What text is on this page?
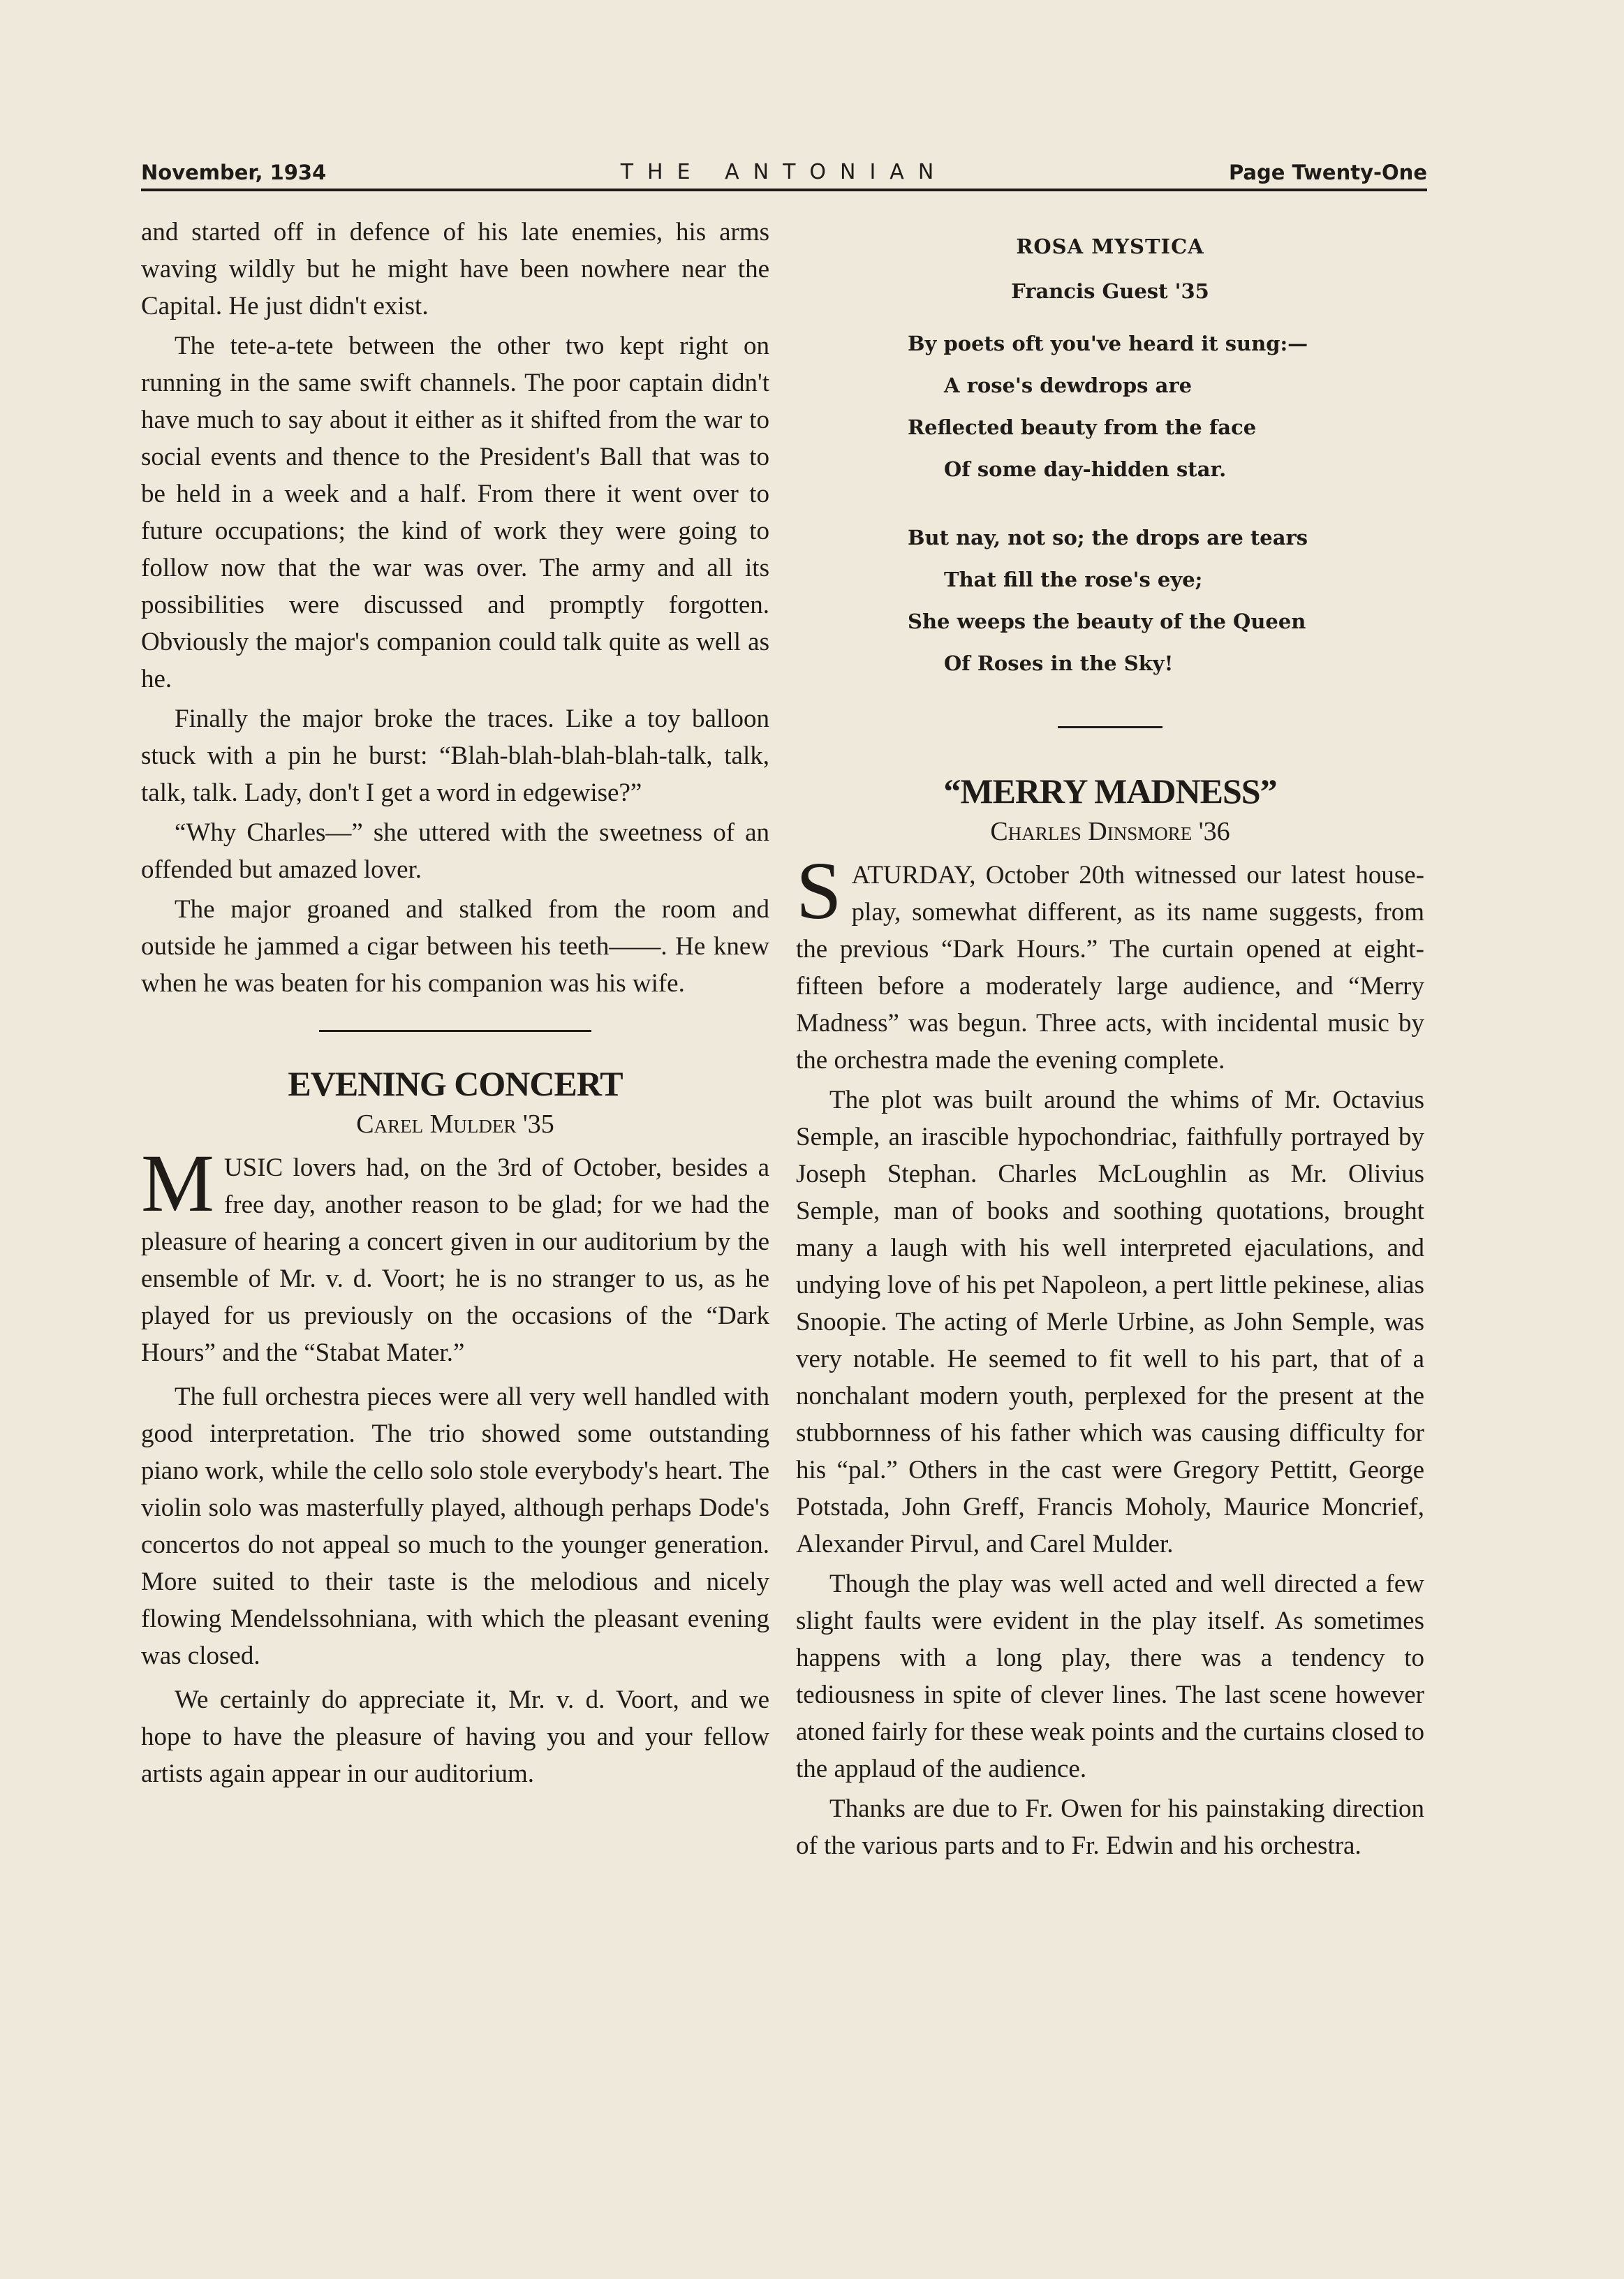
November, 1934	THE ANTONIAN	Page Twenty-One

and started off in defence of his late enemies, his arms waving wildly but he might have been nowhere near the Capital. He just didn't exist.

The tete-a-tete between the other two kept right on running in the same swift channels. The poor captain didn't have much to say about it either as it shifted from the war to social events and thence to the President's Ball that was to be held in a week and a half. From there it went over to future occupations; the kind of work they were going to follow now that the war was over. The army and all its possibilities were discussed and promptly forgotten. Obviously the major's companion could talk quite as well as he.

Finally the major broke the traces. Like a toy balloon stuck with a pin he burst: “Blah-blah-blah-blah-talk, talk, talk, talk. Lady, don't I get a word in edgewise?”

“Why Charles—” she uttered with the sweetness of an offended but amazed lover.

The major groaned and stalked from the room and outside he jammed a cigar between his teeth——. He knew when he was beaten for his companion was his wife.

EVENING CONCERT
Carel Mulder '35

MUSIC lovers had, on the 3rd of October, besides a free day, another reason to be glad; for we had the pleasure of hearing a concert given in our auditorium by the ensemble of Mr. v. d. Voort; he is no stranger to us, as he played for us previously on the occasions of the “Dark Hours” and the “Stabat Mater.”

The full orchestra pieces were all very well handled with good interpretation. The trio showed some outstanding piano work, while the cello solo stole everybody's heart. The violin solo was masterfully played, although perhaps Dode's concertos do not appeal so much to the younger generation. More suited to their taste is the melodious and nicely flowing Mendelssohniana, with which the pleasant evening was closed.

We certainly do appreciate it, Mr. v. d. Voort, and we hope to have the pleasure of having you and your fellow artists again appear in our auditorium.

ROSA MYSTICA
Francis Guest '35
By poets oft you've heard it sung:—
A rose's dewdrops are
Reflected beauty from the face
Of some day-hidden star.
But nay, not so; the drops are tears
That fill the rose's eye;
She weeps the beauty of the Queen
Of Roses in the Sky!
“MERRY MADNESS”
Charles Dinsmore '36

SATURDAY, October 20th witnessed our latest house-play, somewhat different, as its name suggests, from the previous “Dark Hours.” The curtain opened at eight-fifteen before a moderately large audience, and “Merry Madness” was begun. Three acts, with incidental music by the orchestra made the evening complete.

The plot was built around the whims of Mr. Octavius Semple, an irascible hypochondriac, faithfully portrayed by Joseph Stephan. Charles McLoughlin as Mr. Olivius Semple, man of books and soothing quotations, brought many a laugh with his well interpreted ejaculations, and undying love of his pet Napoleon, a pert little pekinese, alias Snoopie. The acting of Merle Urbine, as John Semple, was very notable. He seemed to fit well to his part, that of a nonchalant modern youth, perplexed for the present at the stubbornness of his father which was causing difficulty for his “pal.” Others in the cast were Gregory Pettitt, George Potstada, John Greff, Francis Moholy, Maurice Moncrief, Alexander Pirvul, and Carel Mulder.

Though the play was well acted and well directed a few slight faults were evident in the play itself. As sometimes happens with a long play, there was a tendency to tediousness in spite of clever lines. The last scene however atoned fairly for these weak points and the curtains closed to the applaud of the audience.

Thanks are due to Fr. Owen for his painstaking direction of the various parts and to Fr. Edwin and his orchestra.
